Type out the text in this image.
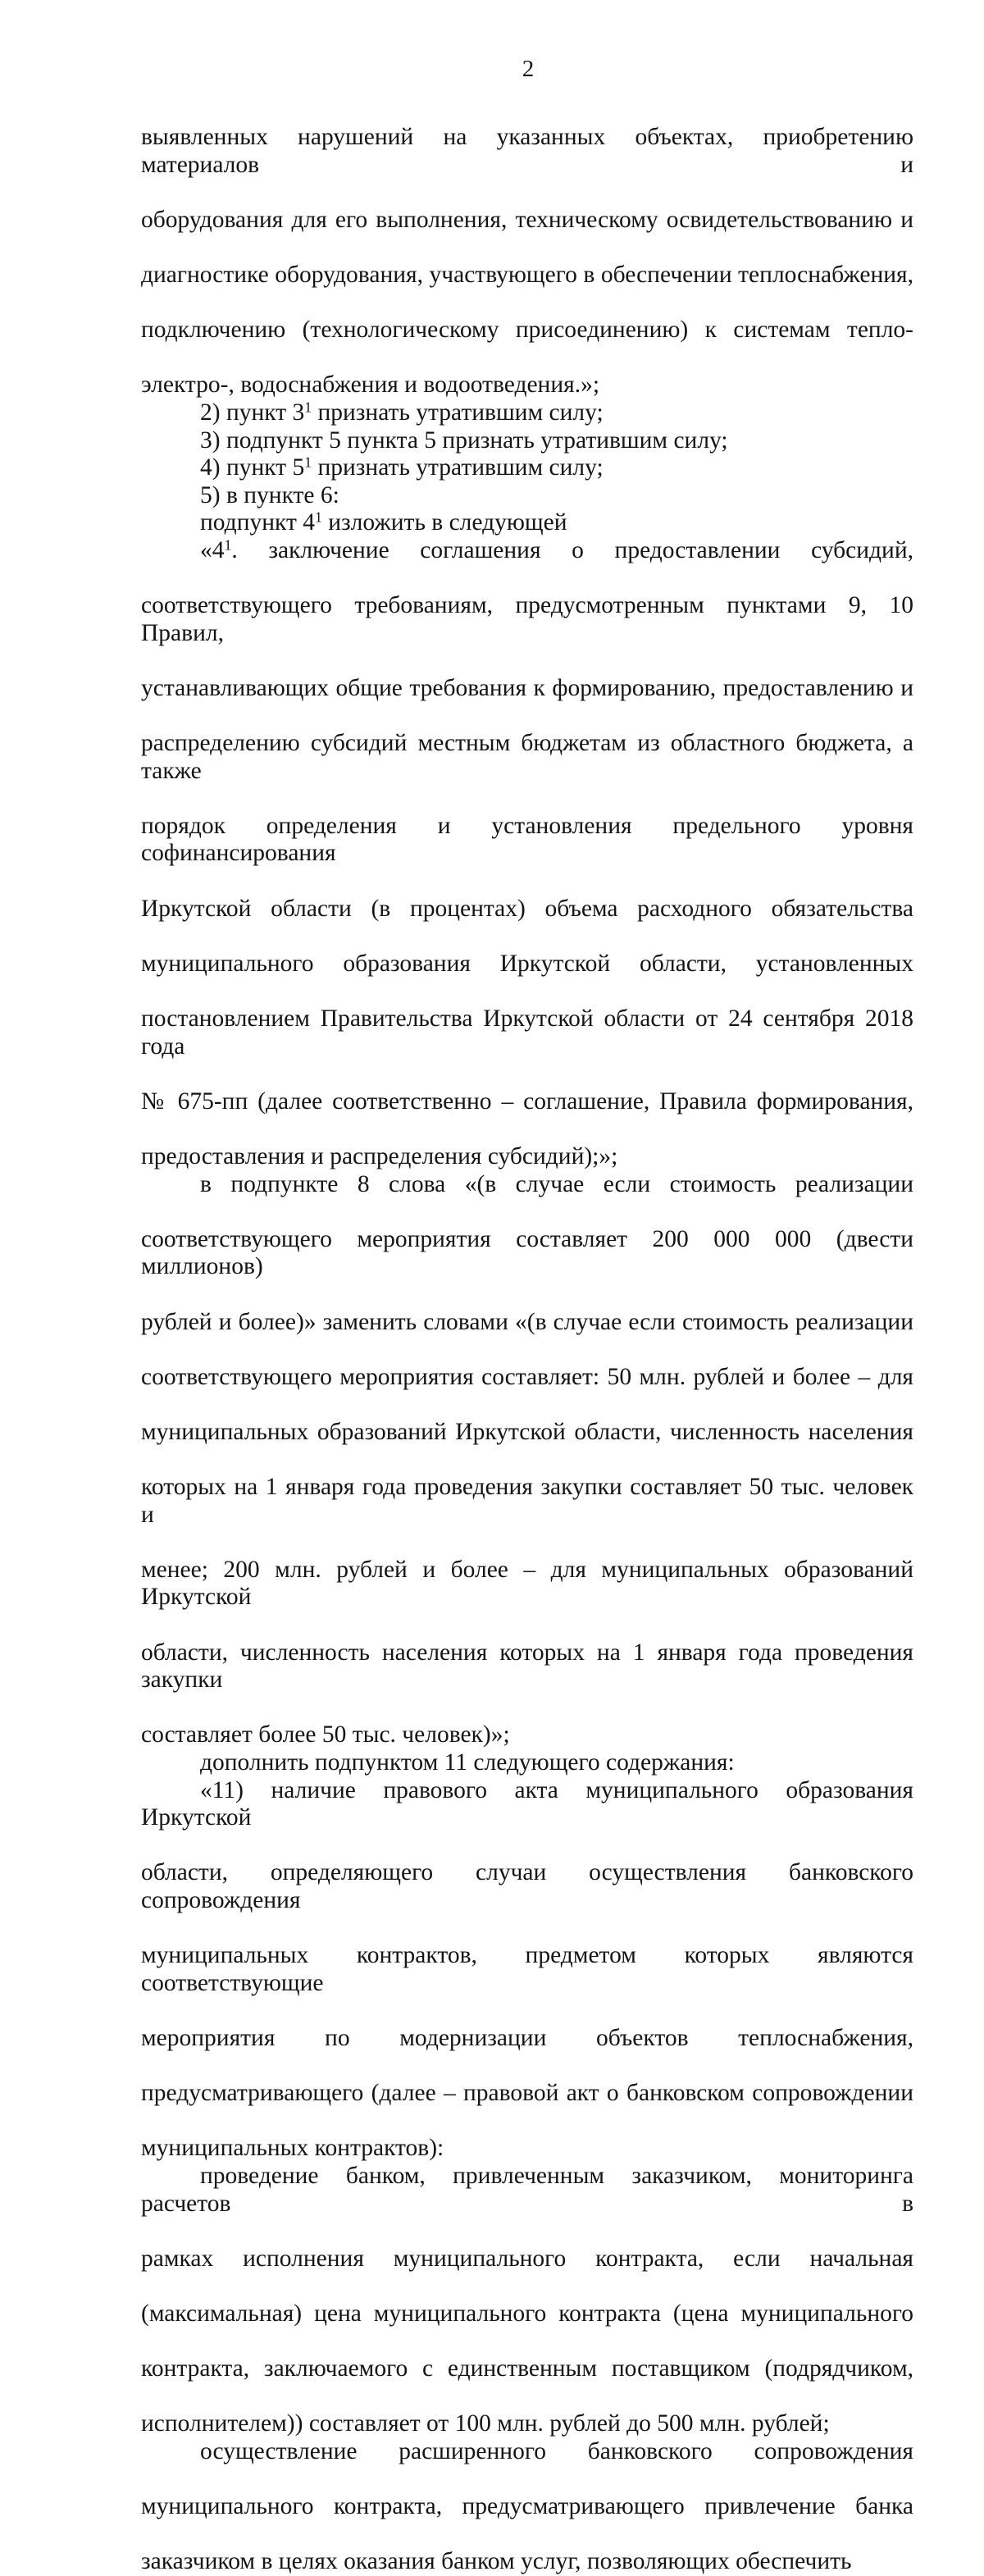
2

выявленных нарушений на указанных объектах, приобретению материалов и

оборудования для его выполнения, техническому освидетельствованию и

диагностике оборудования, участвующего в обеспечении теплоснабжения,

подключению (технологическому присоединению) к системам тепло-

электро-, водоснабжения и водоотведения.»;

2) пункт $3^1$ признать утратившим силу;

3) подпункт 5 пункта 5 признать утратившим силу;

4) пункт $5^1$ признать утратившим силу;

5) в пункте 6:

подпункт $4^1$ изложить в следующей

«$4^1$. заключение соглашения о предоставлении субсидий,

соответствующего требованиям, предусмотренным пунктами 9, 10 Правил,

устанавливающих общие требования к формированию, предоставлению и

распределению субсидий местным бюджетам из областного бюджета, а также

порядок определения и установления предельного уровня софинансирования

Иркутской области (в процентах) объема расходного обязательства

муниципального образования Иркутской области, установленных

постановлением Правительства Иркутской области от 24 сентября 2018 года

№ 675-пп (далее соответственно – соглашение, Правила формирования,

предоставления и распределения субсидий);»;

в подпункте 8 слова «(в случае если стоимость реализации

соответствующего мероприятия составляет 200 000 000 (двести миллионов)

рублей и более)» заменить словами «(в случае если стоимость реализации

соответствующего мероприятия составляет: 50 млн. рублей и более – для

муниципальных образований Иркутской области, численность населения

которых на 1 января года проведения закупки составляет 50 тыс. человек и

менее; 200 млн. рублей и более – для муниципальных образований Иркутской

области, численность населения которых на 1 января года проведения закупки

составляет более 50 тыс. человек)»;

дополнить подпунктом 11 следующего содержания:

«11) наличие правового акта муниципального образования Иркутской

области, определяющего случаи осуществления банковского сопровождения

муниципальных контрактов, предметом которых являются соответствующие

мероприятия по модернизации объектов теплоснабжения,

предусматривающего (далее – правовой акт о банковском сопровождении

муниципальных контрактов):

проведение банком, привлеченным заказчиком, мониторинга расчетов в

рамках исполнения муниципального контракта, если начальная

(максимальная) цена муниципального контракта (цена муниципального

контракта, заключаемого с единственным поставщиком (подрядчиком,

исполнителем)) составляет от 100 млн. рублей до 500 млн. рублей;

осуществление расширенного банковского сопровождения

муниципального контракта, предусматривающего привлечение банка

заказчиком в целях оказания банком услуг, позволяющих обеспечить
